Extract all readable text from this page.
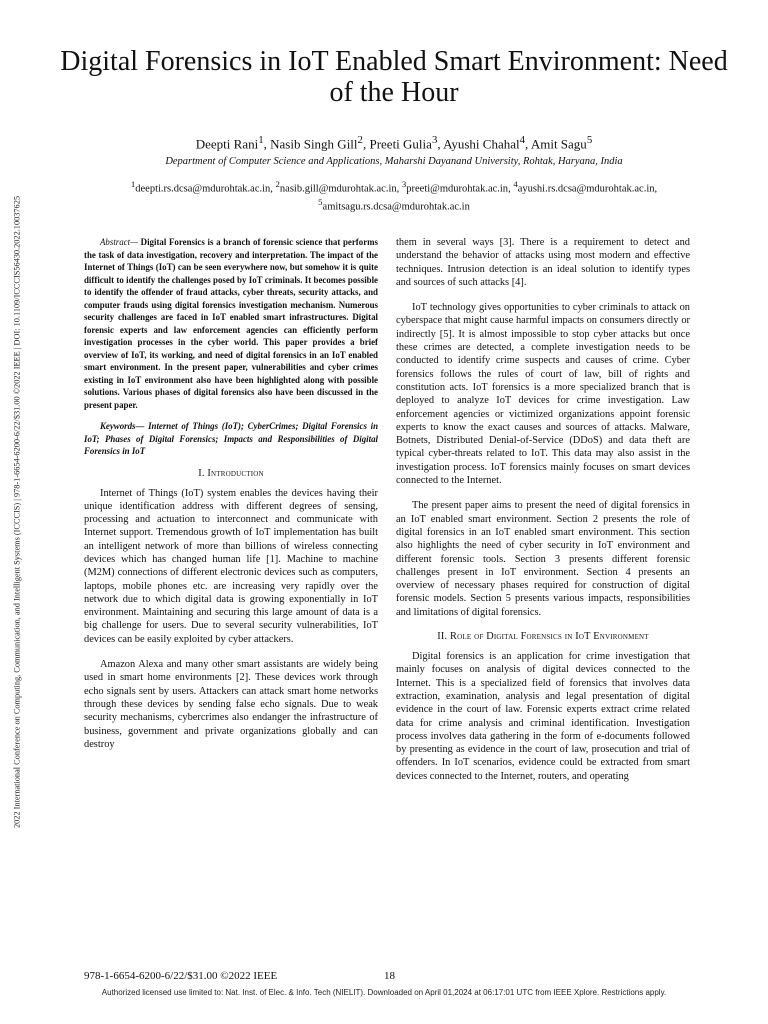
2022 International Conference on Computing, Communication, and Intelligent Systems (ICCCIS) | 978-1-6654-6200-6/22/$31.00 ©2022 IEEE | DOI: 10.1109/ICCCIS56430.2022.10037625
Digital Forensics in IoT Enabled Smart Environment: Need of the Hour
Deepti Rani$^1$, Nasib Singh Gill$^2$, Preeti Gulia$^3$, Ayushi Chahal$^4$, Amit Sagu$^5$
Department of Computer Science and Applications, Maharshi Dayanand University, Rohtak, Haryana, India
$^1$deepti.rs.dcsa@mdurohtak.ac.in, $^2$nasib.gill@mdurohtak.ac.in, $^3$preeti@mdurohtak.ac.in, $^4$ayushi.rs.dcsa@mdurohtak.ac.in,
$^5$amitsagu.rs.dcsa@mdurohtak.ac.in

Abstract— Digital Forensics is a branch of forensic science that performs the task of data investigation, recovery and interpretation. The impact of the Internet of Things (IoT) can be seen everywhere now, but somehow it is quite difficult to identify the challenges posed by IoT criminals. It becomes possible to identify the offender of fraud attacks, cyber threats, security attacks, and computer frauds using digital forensics investigation mechanism. Numerous security challenges are faced in IoT enabled smart infrastructures. Digital forensic experts and law enforcement agencies can efficiently perform investigation processes in the cyber world. This paper provides a brief overview of IoT, its working, and need of digital forensics in an IoT enabled smart environment. In the present paper, vulnerabilities and cyber crimes existing in IoT environment also have been highlighted along with possible solutions. Various phases of digital forensics also have been discussed in the present paper.

Keywords— Internet of Things (IoT); CyberCrimes; Digital Forensics in IoT; Phases of Digital Forensics; Impacts and Responsibilities of Digital Forensics in IoT

I. Introduction

Internet of Things (IoT) system enables the devices having their unique identification address with different degrees of sensing, processing and actuation to interconnect and communicate with Internet support. Tremendous growth of IoT implementation has built an intelligent network of more than billions of wireless connecting devices which has changed human life [1]. Machine to machine (M2M) connections of different electronic devices such as computers, laptops, mobile phones etc. are increasing very rapidly over the network due to which digital data is growing exponentially in IoT environment. Maintaining and securing this large amount of data is a big challenge for users. Due to several security vulnerabilities, IoT devices can be easily exploited by cyber attackers.

Amazon Alexa and many other smart assistants are widely being used in smart home environments [2]. These devices work through echo signals sent by users. Attackers can attack smart home networks through these devices by sending false echo signals. Due to weak security mechanisms, cybercrimes also endanger the infrastructure of business, government and private organizations globally and can destroy

them in several ways [3]. There is a requirement to detect and understand the behavior of attacks using most modern and effective techniques. Intrusion detection is an ideal solution to identify types and sources of such attacks [4].

IoT technology gives opportunities to cyber criminals to attack on cyberspace that might cause harmful impacts on consumers directly or indirectly [5]. It is almost impossible to stop cyber attacks but once these crimes are detected, a complete investigation needs to be conducted to identify crime suspects and causes of crime. Cyber forensics follows the rules of court of law, bill of rights and constitution acts. IoT forensics is a more specialized branch that is deployed to analyze IoT devices for crime investigation. Law enforcement agencies or victimized organizations appoint forensic experts to know the exact causes and sources of attacks. Malware, Botnets, Distributed Denial-of-Service (DDoS) and data theft are typical cyber-threats related to IoT. This data may also assist in the investigation process. IoT forensics mainly focuses on smart devices connected to the Internet.

The present paper aims to present the need of digital forensics in an IoT enabled smart environment. Section 2 presents the role of digital forensics in an IoT enabled smart environment. This section also highlights the need of cyber security in IoT environment and different forensic tools. Section 3 presents different forensic challenges present in IoT environment. Section 4 presents an overview of necessary phases required for construction of digital forensic models. Section 5 presents various impacts, responsibilities and limitations of digital forensics.

II. Role of Digital Forensics in IoT Environment

Digital forensics is an application for crime investigation that mainly focuses on analysis of digital devices connected to the Internet. This is a specialized field of forensics that involves data extraction, examination, analysis and legal presentation of digital evidence in the court of law. Forensic experts extract crime related data for crime analysis and criminal identification. Investigation process involves data gathering in the form of e-documents followed by presenting as evidence in the court of law, prosecution and trial of offenders. In IoT scenarios, evidence could be extracted from smart devices connected to the Internet, routers, and operating

978-1-6654-6200-6/22/$31.00 ©2022 IEEE	18
Authorized licensed use limited to: Nat. Inst. of Elec. & Info. Tech (NIELIT). Downloaded on April 01,2024 at 06:17:01 UTC from IEEE Xplore. Restrictions apply.
